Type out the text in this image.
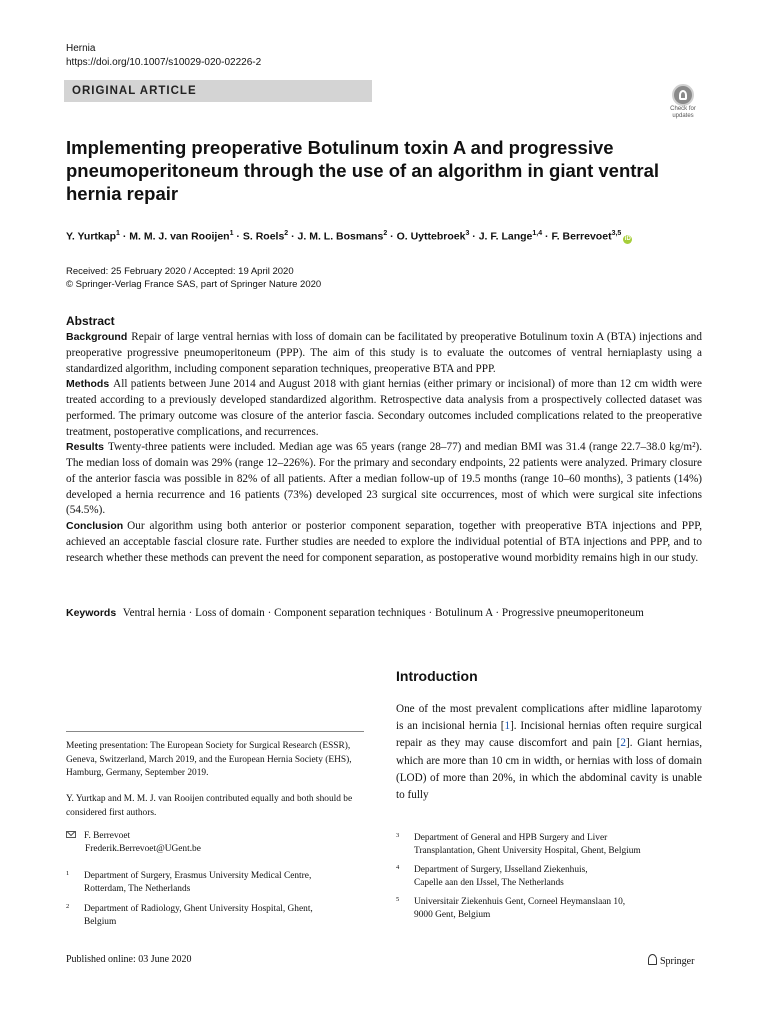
Hernia
https://doi.org/10.1007/s10029-020-02226-2
ORIGINAL ARTICLE
Check for updates
Implementing preoperative Botulinum toxin A and progressive pneumoperitoneum through the use of an algorithm in giant ventral hernia repair
Y. Yurtkap$^1$ · M. M. J. van Rooijen$^1$ · S. Roels$^2$ · J. M. L. Bosmans$^2$ · O. Uyttebroek$^3$ · J. F. Lange$^{1,4}$ · F. Berrevoet$^{3,5}$iD
Received: 25 February 2020 / Accepted: 19 April 2020
© Springer-Verlag France SAS, part of Springer Nature 2020
Abstract

Background Repair of large ventral hernias with loss of domain can be facilitated by preoperative Botulinum toxin A (BTA) injections and preoperative progressive pneumoperitoneum (PPP). The aim of this study is to evaluate the outcomes of ventral herniaplasty using a standardized algorithm, including component separation techniques, preoperative BTA and PPP.

Methods All patients between June 2014 and August 2018 with giant hernias (either primary or incisional) of more than 12 cm width were treated according to a previously developed standardized algorithm. Retrospective data analysis from a prospectively collected dataset was performed. The primary outcome was closure of the anterior fascia. Secondary outcomes included complications related to the preoperative treatment, postoperative complications, and recurrences.

Results Twenty-three patients were included. Median age was 65 years (range 28–77) and median BMI was 31.4 (range 22.7–38.0 kg/m²). The median loss of domain was 29% (range 12–226%). For the primary and secondary endpoints, 22 patients were analyzed. Primary closure of the anterior fascia was possible in 82% of all patients. After a median follow-up of 19.5 months (range 10–60 months), 3 patients (14%) developed a hernia recurrence and 16 patients (73%) developed 23 surgical site occurrences, most of which were surgical site infections (54.5%).

Conclusion Our algorithm using both anterior or posterior component separation, together with preoperative BTA injections and PPP, achieved an acceptable fascial closure rate. Further studies are needed to explore the individual potential of BTA injections and PPP, and to research whether these methods can prevent the need for component separation, as postoperative wound morbidity remains high in our study.

Keywords Ventral hernia · Loss of domain · Component separation techniques · Botulinum A · Progressive pneumoperitoneum
Introduction
One of the most prevalent complications after midline laparotomy is an incisional hernia [1]. Incisional hernias often require surgical repair as they may cause discomfort and pain [2]. Giant hernias, which are more than 10 cm in width, or hernias with loss of domain (LOD) of more than 20%, in which the abdominal cavity is unable to fully
Meeting presentation: The European Society for Surgical Research (ESSR), Geneva, Switzerland, March 2019, and the European Hernia Society (EHS), Hamburg, Germany, September 2019.
Y. Yurtkap and M. M. J. van Rooijen contributed equally and both should be considered first authors.
F. Berrevoet
Frederik.Berrevoet@UGent.be
1 Department of Surgery, Erasmus University Medical Centre,
Rotterdam, The Netherlands
2 Department of Radiology, Ghent University Hospital, Ghent,
Belgium
3 Department of General and HPB Surgery and Liver
Transplantation, Ghent University Hospital, Ghent, Belgium
4 Department of Surgery, IJsselland Ziekenhuis,
Capelle aan den IJssel, The Netherlands
5 Universitair Ziekenhuis Gent, Corneel Heymanslaan 10,
9000 Gent, Belgium
Published online: 03 June 2020	Springer
